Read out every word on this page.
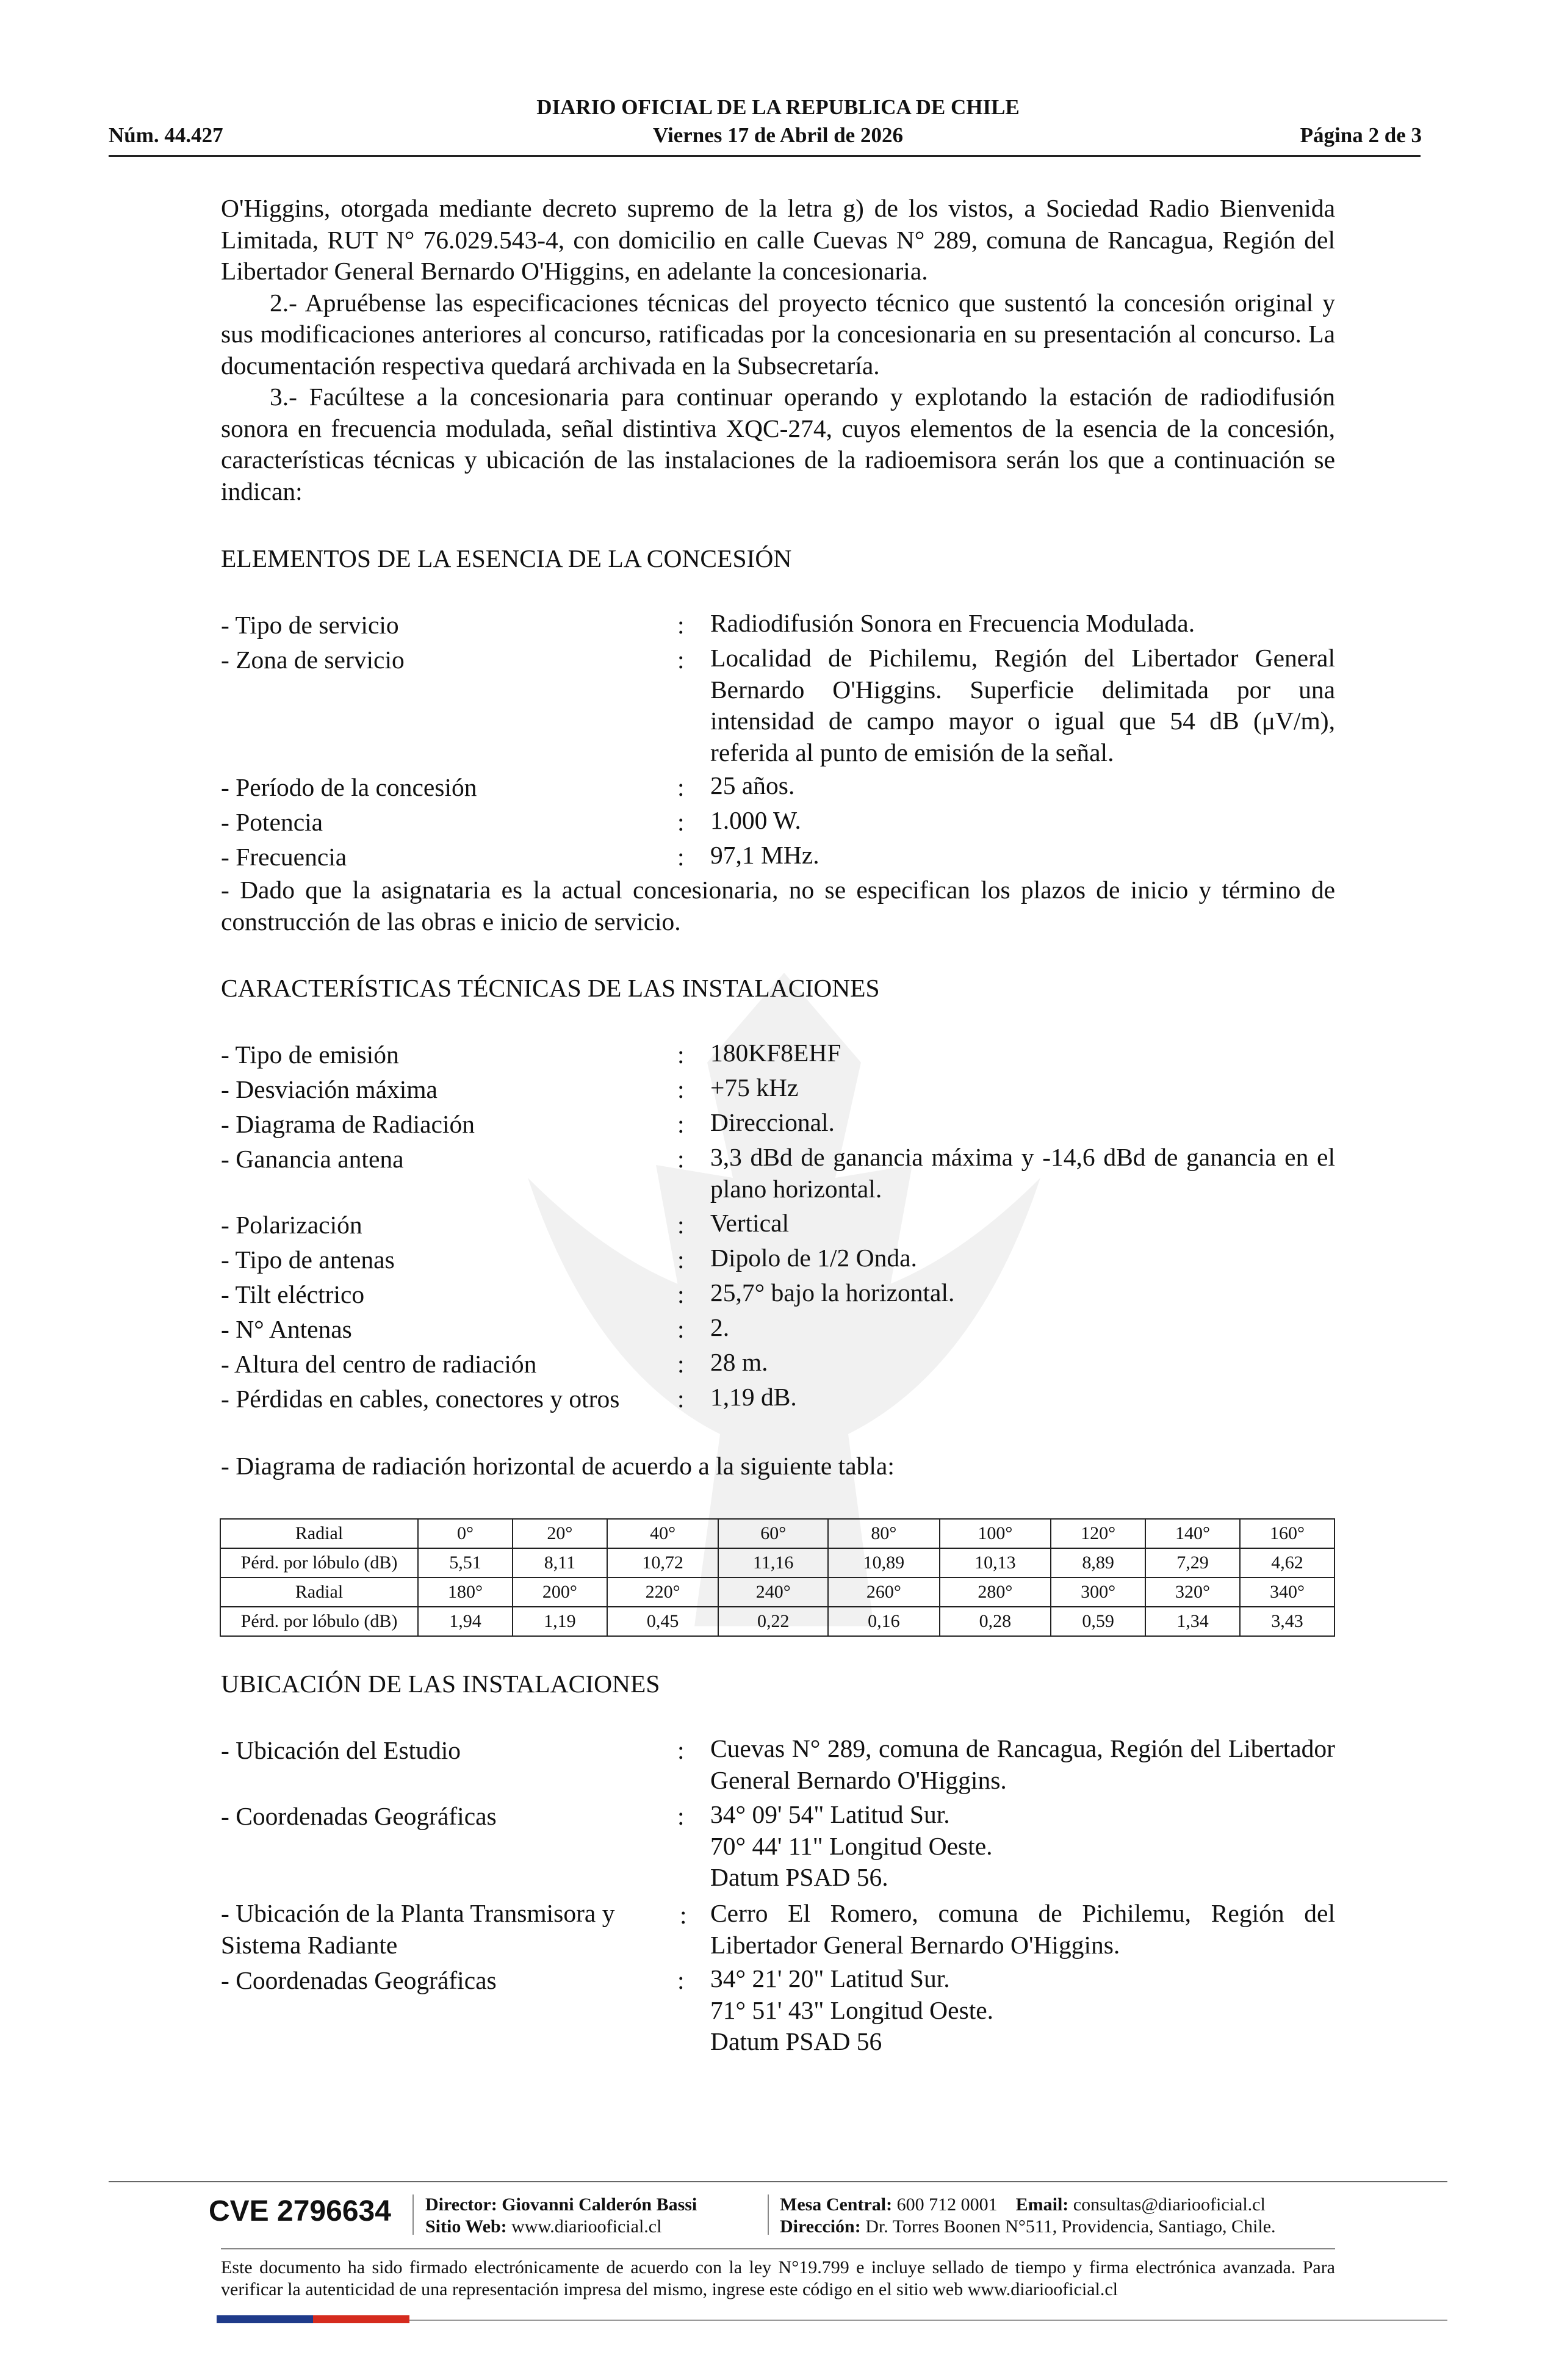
DIARIO OFICIAL DE LA REPUBLICA DE CHILE
Núm. 44.427	Viernes 17 de Abril de 2026	Página 2 de 3

O'Higgins, otorgada mediante decreto supremo de la letra g) de los vistos, a Sociedad Radio Bienvenida Limitada, RUT N° 76.029.543-4, con domicilio en calle Cuevas N° 289, comuna de Rancagua, Región del Libertador General Bernardo O'Higgins, en adelante la concesionaria.

2.- Apruébense las especificaciones técnicas del proyecto técnico que sustentó la concesión original y sus modificaciones anteriores al concurso, ratificadas por la concesionaria en su presentación al concurso. La documentación respectiva quedará archivada en la Subsecretaría.

3.- Facúltese a la concesionaria para continuar operando y explotando la estación de radiodifusión sonora en frecuencia modulada, señal distintiva XQC-274, cuyos elementos de la esencia de la concesión, características técnicas y ubicación de las instalaciones de la radioemisora serán los que a continuación se indican:

ELEMENTOS DE LA ESENCIA DE LA CONCESIÓN
- Tipo de servicio	: Radiodifusión Sonora en Frecuencia Modulada.
- Zona de servicio	: Localidad de Pichilemu, Región del Libertador General Bernardo O'Higgins. Superficie delimitada por una intensidad de campo mayor o igual que 54 dB (μV/m), referida al punto de emisión de la señal.
- Período de la concesión	: 25 años.
- Potencia	: 1.000 W.
- Frecuencia	: 97,1 MHz.
- Dado que la asignataria es la actual concesionaria, no se especifican los plazos de inicio y término de construcción de las obras e inicio de servicio.
CARACTERÍSTICAS TÉCNICAS DE LAS INSTALACIONES
- Tipo de emisión	: 180KF8EHF
- Desviación máxima	: +75 kHz
- Diagrama de Radiación	: Direccional.
- Ganancia antena	: 3,3 dBd de ganancia máxima y -14,6 dBd de ganancia en el plano horizontal.
- Polarización	: Vertical
- Tipo de antenas	: Dipolo de 1/2 Onda.
- Tilt eléctrico	: 25,7° bajo la horizontal.
- N° Antenas	: 2.
- Altura del centro de radiación	: 28 m.
- Pérdidas en cables, conectores y otros : 1,19 dB.
- Diagrama de radiación horizontal de acuerdo a la siguiente tabla:
Radial	0°	20°	40°	60°	80°	100°	120°	140°	160°
Pérd. por lóbulo (dB)	5,51	8,11	10,72	11,16	10,89	10,13	8,89	7,29	4,62
Radial	180°	200°	220°	240°	260°	280°	300°	320°	340°
Pérd. por lóbulo (dB)	1,94	1,19	0,45	0,22	0,16	0,28	0,59	1,34	3,43
UBICACIÓN DE LAS INSTALACIONES
- Ubicación del Estudio	: Cuevas N° 289, comuna de Rancagua, Región del Libertador General Bernardo O'Higgins.
- Coordenadas Geográficas	: 34° 09' 54" Latitud Sur.
70° 44' 11" Longitud Oeste.
Datum PSAD 56.
- Ubicación de la Planta Transmisora y
Sistema Radiante
: Cerro El Romero, comuna de Pichilemu, Región del Libertador General Bernardo O'Higgins.
- Coordenadas Geográficas	: 34° 21' 20" Latitud Sur.
71° 51' 43" Longitud Oeste.
Datum PSAD 56
CVE 2796634 Director: Giovanni Calderón Bassi
Sitio Web: www.diariooficial.cl
Mesa Central: 600 712 0001 Email: consultas@diariooficial.cl
Dirección: Dr. Torres Boonen N°511, Providencia, Santiago, Chile.
Este documento ha sido firmado electrónicamente de acuerdo con la ley N°19.799 e incluye sellado de tiempo y firma electrónica avanzada. Para verificar la autenticidad de una representación impresa del mismo, ingrese este código en el sitio web www.diariooficial.cl
